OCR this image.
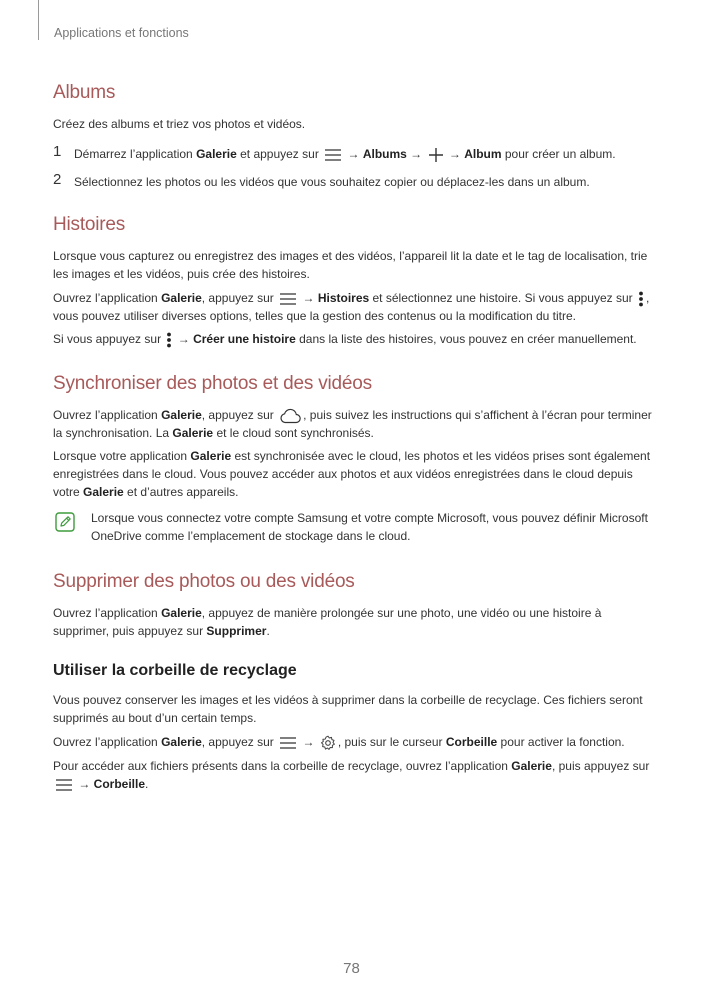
Applications et fonctions
Albums
Créez des albums et triez vos photos et vidéos.
1 Démarrez l’application Galerie et appuyez sur
→ Albums →
→ Album pour créer un album.
2 Sélectionnez les photos ou les vidéos que vous souhaitez copier ou déplacez-les dans un album.
Histoires
Lorsque vous capturez ou enregistrez des images et des vidéos, l’appareil lit la date et le tag de localisation, trie les images et les vidéos, puis crée des histoires.
Ouvrez l’application Galerie, appuyez sur
→ Histoires et sélectionnez une histoire. Si vous appuyez sur
, vous pouvez utiliser diverses options, telles que la gestion des contenus ou la modification du titre.
Si vous appuyez sur
→ Créer une histoire dans la liste des histoires, vous pouvez en créer manuellement.
Synchroniser des photos et des vidéos
Ouvrez l’application Galerie, appuyez sur
, puis suivez les instructions qui s’affichent à l’écran pour terminer la synchronisation. La Galerie et le cloud sont synchronisés.
Lorsque votre application Galerie est synchronisée avec le cloud, les photos et les vidéos prises sont également enregistrées dans le cloud. Vous pouvez accéder aux photos et aux vidéos enregistrées dans le cloud depuis votre Galerie et d’autres appareils.
Lorsque vous connectez votre compte Samsung et votre compte Microsoft, vous pouvez définir Microsoft OneDrive comme l’emplacement de stockage dans le cloud.
Supprimer des photos ou des vidéos
Ouvrez l’application Galerie, appuyez de manière prolongée sur une photo, une vidéo ou une histoire à supprimer, puis appuyez sur Supprimer.
Utiliser la corbeille de recyclage
Vous pouvez conserver les images et les vidéos à supprimer dans la corbeille de recyclage. Ces fichiers seront supprimés au bout d’un certain temps.
Ouvrez l’application Galerie, appuyez sur
→
, puis sur le curseur Corbeille pour activer la fonction.
Pour accéder aux fichiers présents dans la corbeille de recyclage, ouvrez l’application Galerie, puis appuyez sur
→ Corbeille.
78
